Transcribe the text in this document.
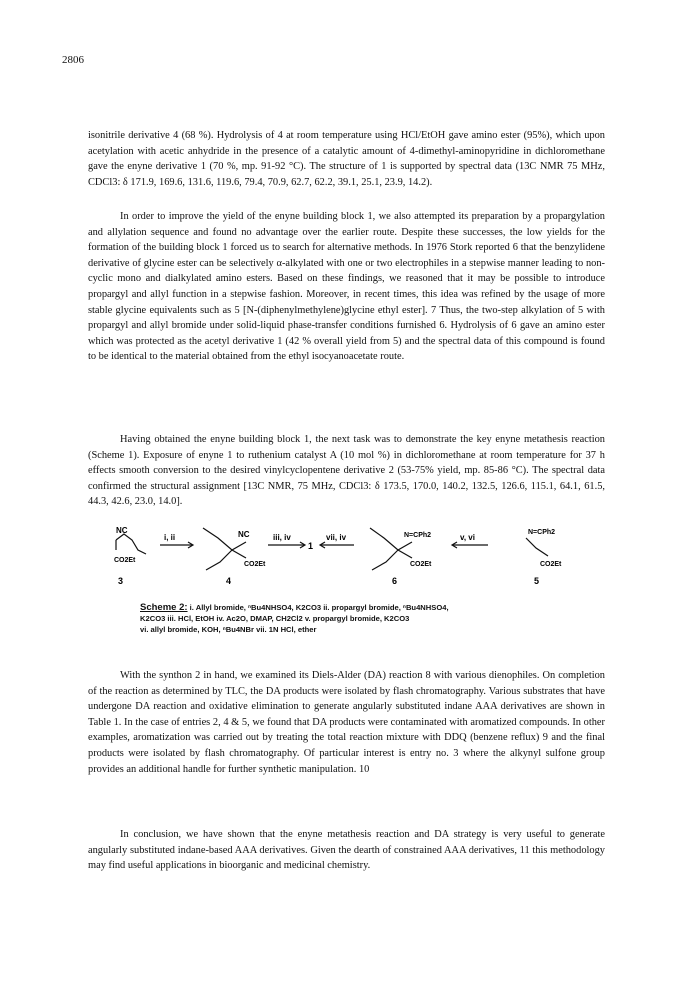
2806

isonitrile derivative 4 (68 %). Hydrolysis of 4 at room temperature using HCl/EtOH gave amino ester (95%), which upon acetylation with acetic anhydride in the presence of a catalytic amount of 4-dimethyl-aminopyridine in dichloromethane gave the enyne derivative 1 (70 %, mp. 91-92 °C). The structure of 1 is supported by spectral data (13C NMR 75 MHz, CDCl3: δ 171.9, 169.6, 131.6, 119.6, 79.4, 70.9, 62.7, 62.2, 39.1, 25.1, 23.9, 14.2).

In order to improve the yield of the enyne building block 1, we also attempted its preparation by a propargylation and allylation sequence and found no advantage over the earlier route. Despite these successes, the low yields for the formation of the building block 1 forced us to search for alternative methods. In 1976 Stork reported 6 that the benzylidene derivative of glycine ester can be selectively α-alkylated with one or two electrophiles in a stepwise manner leading to non-cyclic mono and dialkylated amino esters. Based on these findings, we reasoned that it may be possible to introduce propargyl and allyl function in a stepwise fashion. Moreover, in recent times, this idea was refined by the usage of more stable glycine equivalents such as 5 [N-(diphenylmethylene)glycine ethyl ester]. 7 Thus, the two-step alkylation of 5 with propargyl and allyl bromide under solid-liquid phase-transfer conditions furnished 6. Hydrolysis of 6 gave an amino ester which was protected as the acetyl derivative 1 (42 % overall yield from 5) and the spectral data of this compound is found to be identical to the material obtained from the ethyl isocyanoacetate route.

Having obtained the enyne building block 1, the next task was to demonstrate the key enyne metathesis reaction (Scheme 1). Exposure of enyne 1 to ruthenium catalyst A (10 mol %) in dichloromethane at room temperature for 37 h effects smooth conversion to the desired vinylcyclopentene derivative 2 (53-75% yield, mp. 85-86 °C). The spectral data confirmed the structural assignment [13C NMR, 75 MHz, CDCl3: δ 173.5, 170.0, 140.2, 132.5, 126.6, 115.1, 64.1, 61.5, 44.3, 42.6, 23.0, 14.0].

NC
CO2Et
3
i, ii	NC
CO2Et
4
iii, iv
1
vii, iv	N=CPh2
CO2Et
6
v, vi
N=CPh2
CO2Et
5
Scheme 2: i. Allyl bromide, ⁿBu4NHSO4, K2CO3 ii. propargyl bromide, ⁿBu4NHSO4,
K2CO3 iii. HCl, EtOH iv. Ac2O, DMAP, CH2Cl2 v. propargyl bromide, K2CO3
vi. allyl bromide, KOH, ⁿBu4NBr vii. 1N HCl, ether

With the synthon 2 in hand, we examined its Diels-Alder (DA) reaction 8 with various dienophiles. On completion of the reaction as determined by TLC, the DA products were isolated by flash chromatography. Various substrates that have undergone DA reaction and oxidative elimination to generate angularly substituted indane AAA derivatives are shown in Table 1. In the case of entries 2, 4 & 5, we found that DA products were contaminated with aromatized compounds. In other examples, aromatization was carried out by treating the total reaction mixture with DDQ (benzene reflux) 9 and the final products were isolated by flash chromatography. Of particular interest is entry no. 3 where the alkynyl sulfone group provides an additional handle for further synthetic manipulation. 10

In conclusion, we have shown that the enyne metathesis reaction and DA strategy is very useful to generate angularly substituted indane-based AAA derivatives. Given the dearth of constrained AAA derivatives, 11 this methodology may find useful applications in bioorganic and medicinal chemistry.
